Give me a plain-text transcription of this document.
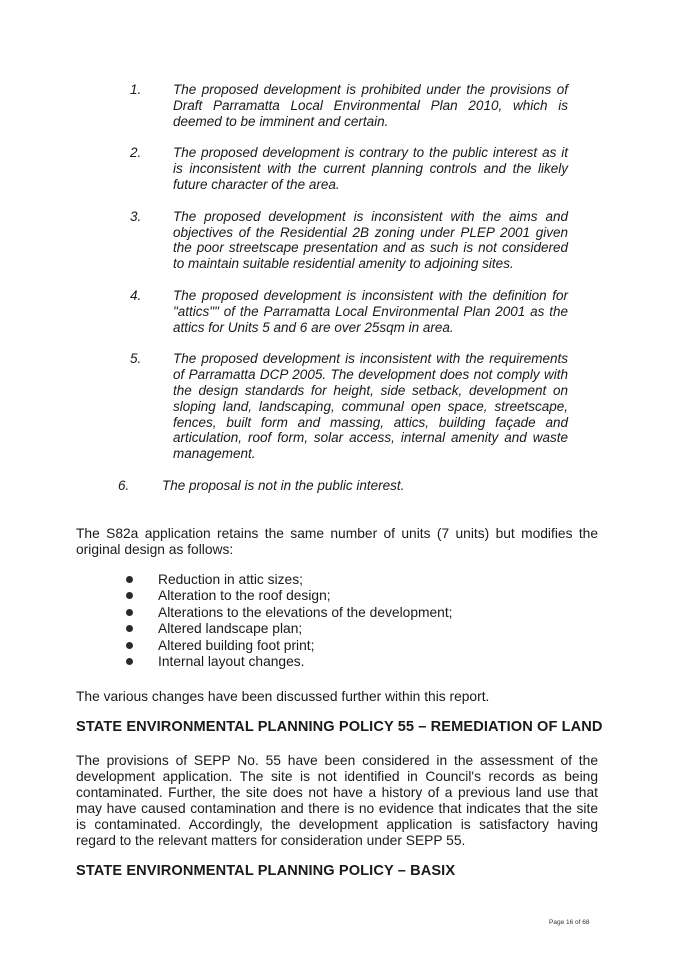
1. The proposed development is prohibited under the provisions of Draft Parramatta Local Environmental Plan 2010, which is deemed to be imminent and certain.
2. The proposed development is contrary to the public interest as it is inconsistent with the current planning controls and the likely future character of the area.
3. The proposed development is inconsistent with the aims and objectives of the Residential 2B zoning under PLEP 2001 given the poor streetscape presentation and as such is not considered to maintain suitable residential amenity to adjoining sites.
4. The proposed development is inconsistent with the definition for "attics"" of the Parramatta Local Environmental Plan 2001 as the attics for Units 5 and 6 are over 25sqm in area.
5. The proposed development is inconsistent with the requirements of Parramatta DCP 2005. The development does not comply with the design standards for height, side setback, development on sloping land, landscaping, communal open space, streetscape, fences, built form and massing, attics, building façade and articulation, roof form, solar access, internal amenity and waste management.
6. The proposal is not in the public interest.
The S82a application retains the same number of units (7 units) but modifies the original design as follows:
Reduction in attic sizes;
Alteration to the roof design;
Alterations to the elevations of the development;
Altered landscape plan;
Altered building foot print;
Internal layout changes.
The various changes have been discussed further within this report.
STATE ENVIRONMENTAL PLANNING POLICY 55 – REMEDIATION OF LAND
The provisions of SEPP No. 55 have been considered in the assessment of the development application. The site is not identified in Council's records as being contaminated. Further, the site does not have a history of a previous land use that may have caused contamination and there is no evidence that indicates that the site is contaminated. Accordingly, the development application is satisfactory having regard to the relevant matters for consideration under SEPP 55.
STATE ENVIRONMENTAL PLANNING POLICY – BASIX
Page 16 of 68
